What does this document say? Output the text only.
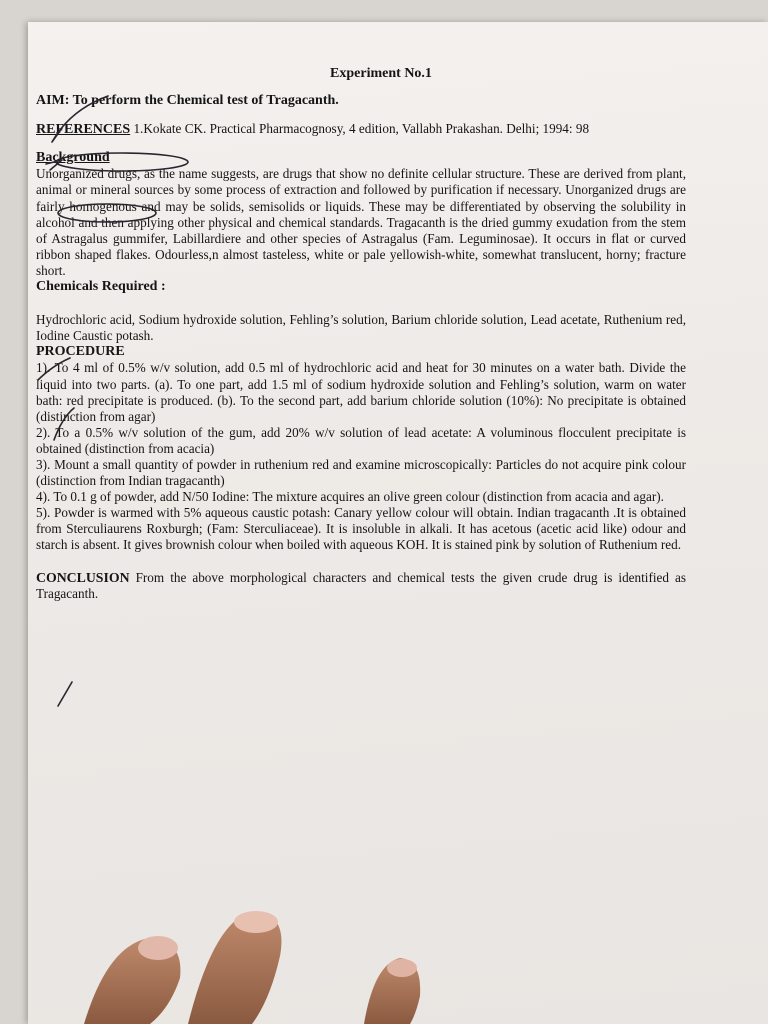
Experiment No.1

AIM: To perform the Chemical test of Tragacanth.

REFERENCES 1.Kokate CK. Practical Pharmacognosy, 4 edition, Vallabh Prakashan. Delhi; 1994: 98

Background

Unorganized drugs, as the name suggests, are drugs that show no definite cellular structure. These are derived from plant, animal or mineral sources by some process of extraction and followed by purification if necessary. Unorganized drugs are fairly homogenous and may be solids, semisolids or liquids. These may be differentiated by observing the solubility in alcohol and then applying other physical and chemical standards. Tragacanth is the dried gummy exudation from the stem of Astragalus gummifer, Labillardiere and other species of Astragalus (Fam. Leguminosae). It occurs in flat or curved ribbon shaped flakes. Odourless,n almost tasteless, white or pale yellowish-white, somewhat translucent, horny; fracture short.

Chemicals Required :

Hydrochloric acid, Sodium hydroxide solution, Fehling’s solution, Barium chloride solution, Lead acetate, Ruthenium red, Iodine Caustic potash.

PROCEDURE

1). To 4 ml of 0.5% w/v solution, add 0.5 ml of hydrochloric acid and heat for 30 minutes on a water bath. Divide the liquid into two parts. (a). To one part, add 1.5 ml of sodium hydroxide solution and Fehling’s solution, warm on water bath: red precipitate is produced. (b). To the second part, add barium chloride solution (10%): No precipitate is obtained (distinction from agar)

2). To a 0.5% w/v solution of the gum, add 20% w/v solution of lead acetate: A voluminous flocculent precipitate is obtained (distinction from acacia)

3). Mount a small quantity of powder in ruthenium red and examine microscopically: Particles do not acquire pink colour (distinction from Indian tragacanth)

4). To 0.1 g of powder, add N/50 Iodine: The mixture acquires an olive green colour (distinction from acacia and agar).

5). Powder is warmed with 5% aqueous caustic potash: Canary yellow colour will obtain. Indian tragacanth .It is obtained from Sterculiaurens Roxburgh; (Fam: Sterculiaceae). It is insoluble in alkali. It has acetous (acetic acid like) odour and starch is absent. It gives brownish colour when boiled with aqueous KOH. It is stained pink by solution of Ruthenium red.

CONCLUSION From the above morphological characters and chemical tests the given crude drug is identified as Tragacanth.
